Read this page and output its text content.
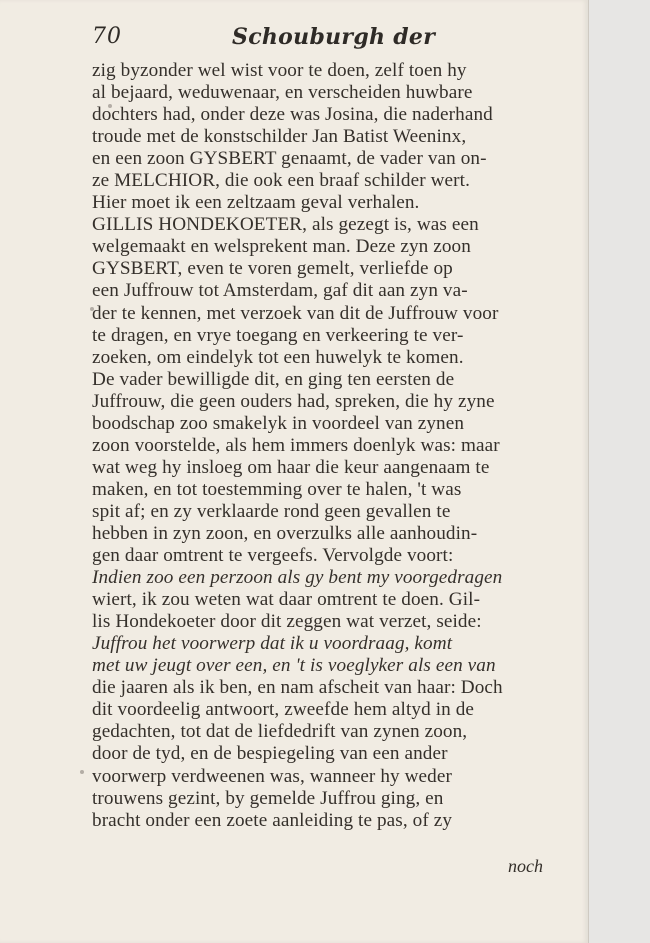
70	Schouburgh der
zig byzonder wel wist voor te doen, zelf toen hy
al bejaard, weduwenaar, en verscheiden huwbare
dochters had, onder deze was Josina, die naderhand
troude met de konstschilder Jan Batist Weeninx,
en een zoon GYSBERT genaamt, de vader van on-
ze MELCHIOR, die ook een braaf schilder wert.
Hier moet ik een zeltzaam geval verhalen.
GILLIS HONDEKOETER, als gezegt is, was een
welgemaakt en welsprekent man. Deze zyn zoon
GYSBERT, even te voren gemelt, verliefde op
een Juffrouw tot Amsterdam, gaf dit aan zyn va-
der te kennen, met verzoek van dit de Juffrouw voor
te dragen, en vrye toegang en verkeering te ver-
zoeken, om eindelyk tot een huwelyk te komen.
De vader bewilligde dit, en ging ten eersten de
Juffrouw, die geen ouders had, spreken, die hy zyne
boodschap zoo smakelyk in voordeel van zynen
zoon voorstelde, als hem immers doenlyk was: maar
wat weg hy insloeg om haar die keur aangenaam te
maken, en tot toestemming over te halen, 't was
spit af; en zy verklaarde rond geen gevallen te
hebben in zyn zoon, en overzulks alle aanhoudin-
gen daar omtrent te vergeefs. Vervolgde voort:
Indien zoo een perzoon als gy bent my voorgedragen
wiert, ik zou weten wat daar omtrent te doen. Gil-
lis Hondekoeter door dit zeggen wat verzet, seide:
Juffrou het voorwerp dat ik u voordraag, komt
met uw jeugt over een, en 't is voeglyker als een van
die jaaren als ik ben, en nam afscheit van haar: Doch
dit voordeelig antwoort, zweefde hem altyd in de
gedachten, tot dat de liefdedrift van zynen zoon,
door de tyd, en de bespiegeling van een ander
voorwerp verdweenen was, wanneer hy weder
trouwens gezint, by gemelde Juffrou ging, en
bracht onder een zoete aanleiding te pas, of zy
noch
